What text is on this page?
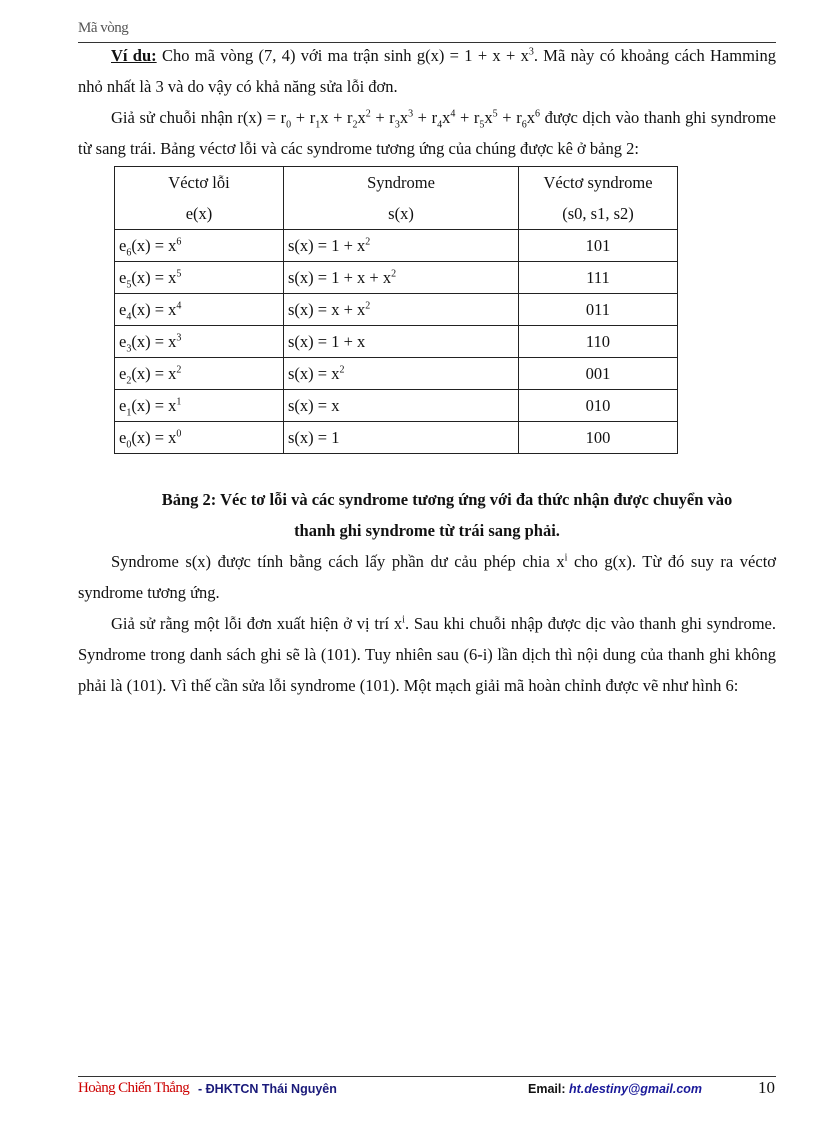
Mã vòng

Ví du: Cho mã vòng (7, 4) với ma trận $\sinh g(x) = 1 + x + x^3$. Mã này có khoảng cách Hamming nhỏ nhất là 3 và do vậy có khả năng sửa lỗi đơn.

Giả sử chuỗi nhận $r(x) = r_0 + r_1x + r_2x^2 + r_3x^3 + r_4x^4 + r_5x^5 + r_6x^6$ được dịch vào thanh ghi syndrome từ sang trái. Bảng véctơ lỗi và các syndrome tương ứng của chúng được kê ở bảng 2:

Véctơ lỗi	Syndrome	Véctơ syndrome
e(x)	s(x)	(s0, s1, s2)
$e_6(x) = x^6$	$s(x) = 1 + x^2$	101
$e_5(x) = x^5$	$s(x) = 1 + x + x^2$	111
$e_4(x) = x^4$	$s(x) = x + x^2$	011
$e_3(x) = x^3$	s(x) = 1 + x	110
$e_2(x) = x^2$	$s(x) = x^2$	001
$e_1(x) = x^1$	s(x) = x	010
$e_0(x) = x^0$	s(x) = 1	100

Bảng 2: Véc tơ lỗi và các syndrome tương ứng với đa thức nhận được chuyển vào

thanh ghi syndrome từ trái sang phải.

Syndrome s(x) được tính bằng cách lấy phần dư cảu phép chia $x^i$ cho g(x). Từ đó suy ra véctơ syndrome tương ứng.

Giả sử rằng một lỗi đơn xuất hiện ở vị trí $x^i$. Sau khi chuỗi nhập được dịc vào thanh ghi syndrome. Syndrome trong danh sách ghi sẽ là (101). Tuy nhiên sau (6-i) lần dịch thì nội dung của thanh ghi không phải là (101). Vì thế cần sửa lỗi syndrome (101). Một mạch giải mã hoàn chỉnh được vẽ như hình 6:

Hoàng Chiến Thắng - ĐHKTCN Thái Nguyên	Email: ht.destiny@gmail.com	10
